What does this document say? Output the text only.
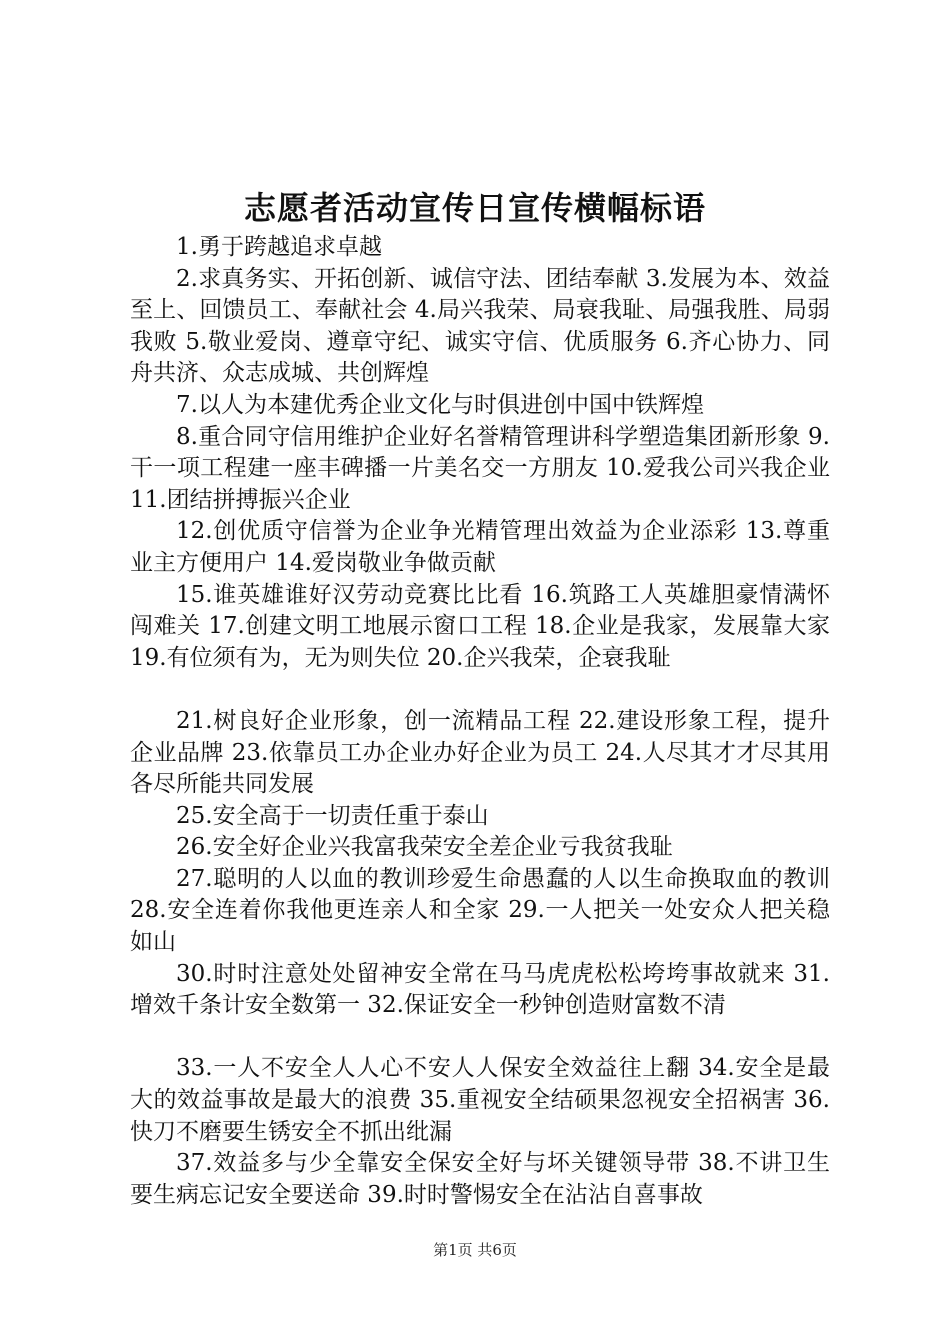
志愿者活动宣传日宣传横幅标语

1.勇于跨越追求卓越

2.求真务实、开拓创新、诚信守法、团结奉献 3.发展为本、效益至上、回馈员工、奉献社会 4.局兴我荣、局衰我耻、局强我胜、局弱我败 5.敬业爱岗、遵章守纪、诚实守信、优质服务 6.齐心协力、同舟共济、众志成城、共创辉煌

7.以人为本建优秀企业文化与时俱进创中国中铁辉煌

8.重合同守信用维护企业好名誉精管理讲科学塑造集团新形象 9.干一项工程建一座丰碑播一片美名交一方朋友 10.爱我公司兴我企业 11.团结拼搏振兴企业

12.创优质守信誉为企业争光精管理出效益为企业添彩 13.尊重业主方便用户 14.爱岗敬业争做贡献

15.谁英雄谁好汉劳动竞赛比比看 16.筑路工人英雄胆豪情满怀闯难关 17.创建文明工地展示窗口工程 18.企业是我家，发展靠大家 19.有位须有为，无为则失位 20.企兴我荣，企衰我耻

21.树良好企业形象，创一流精品工程 22.建设形象工程，提升企业品牌 23.依靠员工办企业办好企业为员工 24.人尽其才才尽其用各尽所能共同发展

25.安全高于一切责任重于泰山

26.安全好企业兴我富我荣安全差企业亏我贫我耻

27.聪明的人以血的教训珍爱生命愚蠢的人以生命换取血的教训 28.安全连着你我他更连亲人和全家 29.一人把关一处安众人把关稳如山

30.时时注意处处留神安全常在马马虎虎松松垮垮事故就来 31.增效千条计安全数第一 32.保证安全一秒钟创造财富数不清

33.一人不安全人人心不安人人保安全效益往上翻 34.安全是最大的效益事故是最大的浪费 35.重视安全结硕果忽视安全招祸害 36.快刀不磨要生锈安全不抓出纰漏

37.效益多与少全靠安全保安全好与坏关键领导带 38.不讲卫生要生病忘记安全要送命 39.时时警惕安全在沾沾自喜事故

第1页 共6页
